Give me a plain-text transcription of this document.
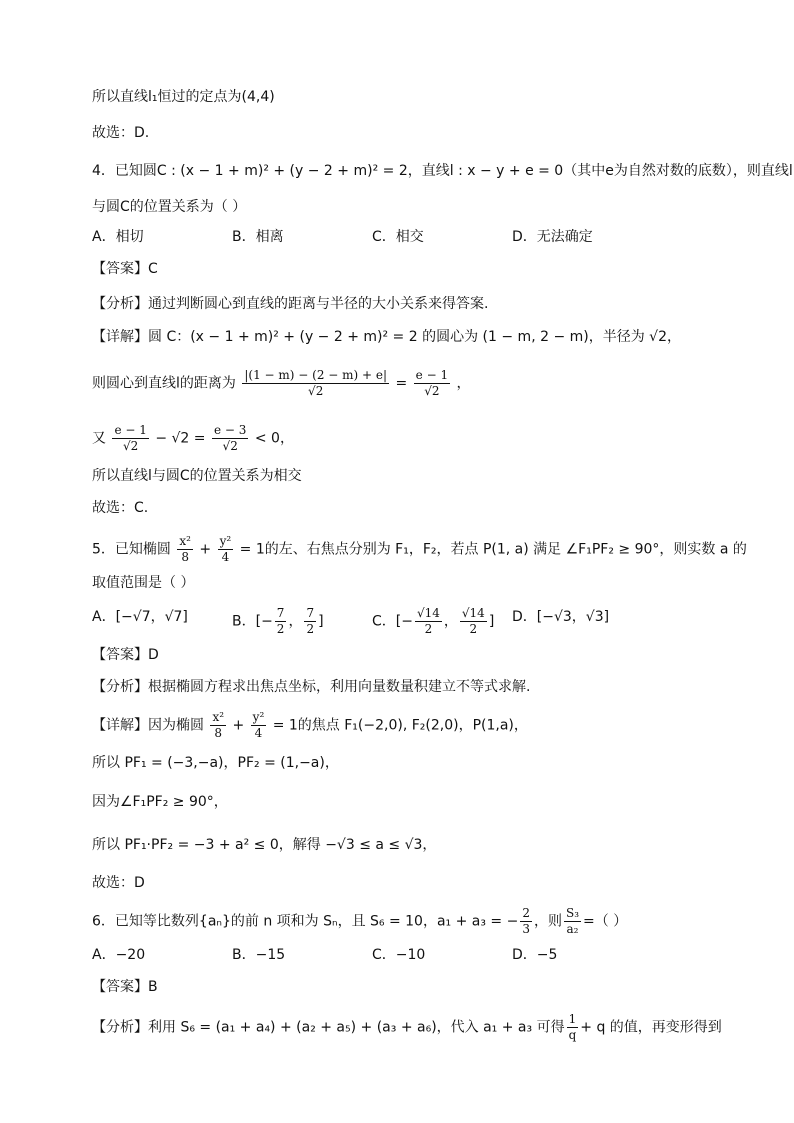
所以直线l₁恒过的定点为(4,4)
故选：D.
4．已知圆C : (x − 1 + m)² + (y − 2 + m)² = 2，直线l : x − y + e = 0（其中e为自然对数的底数），则直线l
与圆C的位置关系为（ ）
A．相切	B．相离	C．相交	D．无法确定
【答案】C
【分析】通过判断圆心到直线的距离与半径的大小关系来得答案.
【详解】圆 C：(x − 1 + m)² + (y − 2 + m)² = 2 的圆心为 (1 − m, 2 − m)，半径为 √2，
则圆心到直线l的距离为 $\frac{|(1 - m) - (2 - m) + e|}{√2} = \frac{e - 1}{√2}$ ，
又 $\frac{e - 1}{√2} - √2 = \frac{e - 3}{√2} < 0$，
所以直线l与圆C的位置关系为相交
故选：C.
5．已知椭圆 $\frac{\text{x²}}{8} + \frac{\text{y²}}{4} = 1$的左、右焦点分别为 F₁，F₂，若点 P(1, a) 满足 ∠F₁PF₂ ≥ 90°，则实数 a 的
取值范围是（ ）
A．[−√7，√7]	B．[− $\frac{7}{2}$ ， $\frac{7}{2}$ ]	C．[− $\frac{√14}{2}$ ， $\frac{√14}{2}$ ] D．[−√3，√3]
【答案】D
【分析】根据椭圆方程求出焦点坐标，利用向量数量积建立不等式求解.
【详解】因为椭圆 $\frac{\text{x²}}{8} + \frac{\text{y²}}{4} = 1$的焦点 F₁(−2,0), F₂(2,0)，P(1,a)，
所以 PF₁ = (−3,−a)，PF₂ = (1,−a)，
因为∠F₁PF₂ ≥ 90°，
所以 PF₁·PF₂ = −3 + a² ≤ 0，解得 −√3 ≤ a ≤ √3，
故选：D
6．已知等比数列{aₙ}的前 n 项和为 Sₙ，且 S₆ = 10，a₁ + a₃ = − $\frac{2}{3}$ ，则 $\frac{\text{S₃}}{\text{a₂}}$ =（ ）
A．−20	B．−15	C．−10	D．−5
【答案】B
【分析】利用 S₆ = (a₁ + a₄) + (a₂ + a₅) + (a₃ + a₆)，代入 a₁ + a₃ 可得 $\frac{1}{q} + q$ 的值，再变形得到
